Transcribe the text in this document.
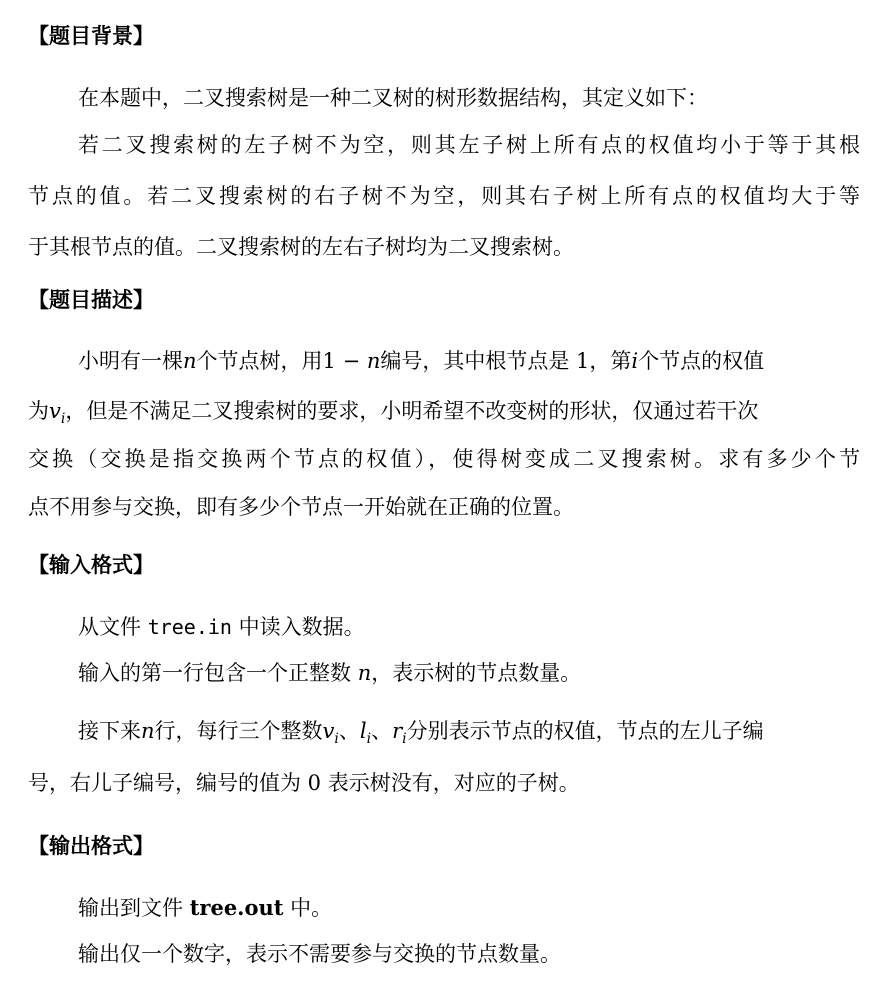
【题目背景】
在本题中，二叉搜索树是一种二叉树的树形数据结构，其定义如下：
若二叉搜索树的左子树不为空，则其左子树上所有点的权值均小于等于其根
节点的值。若二叉搜索树的右子树不为空，则其右子树上所有点的权值均大于等
于其根节点的值。二叉搜索树的左右子树均为二叉搜索树。
【题目描述】
小明有一棵n个节点树，用1 − n编号，其中根节点是 1，第i个节点的权值
为$v_i$，但是不满足二叉搜索树的要求，小明希望不改变树的形状，仅通过若干次
交换（交换是指交换两个节点的权值），使得树变成二叉搜索树。求有多少个节
点不用参与交换，即有多少个节点一开始就在正确的位置。
【输入格式】
从文件 tree.in 中读入数据。
输入的第一行包含一个正整数 n，表示树的节点数量。
接下来n行，每行三个整数$v_i$、$l_i$、$r_i$分别表示节点的权值，节点的左儿子编
号，右儿子编号，编号的值为 0 表示树没有，对应的子树。
【输出格式】
输出到文件 tree.out 中。
输出仅一个数字，表示不需要参与交换的节点数量。
